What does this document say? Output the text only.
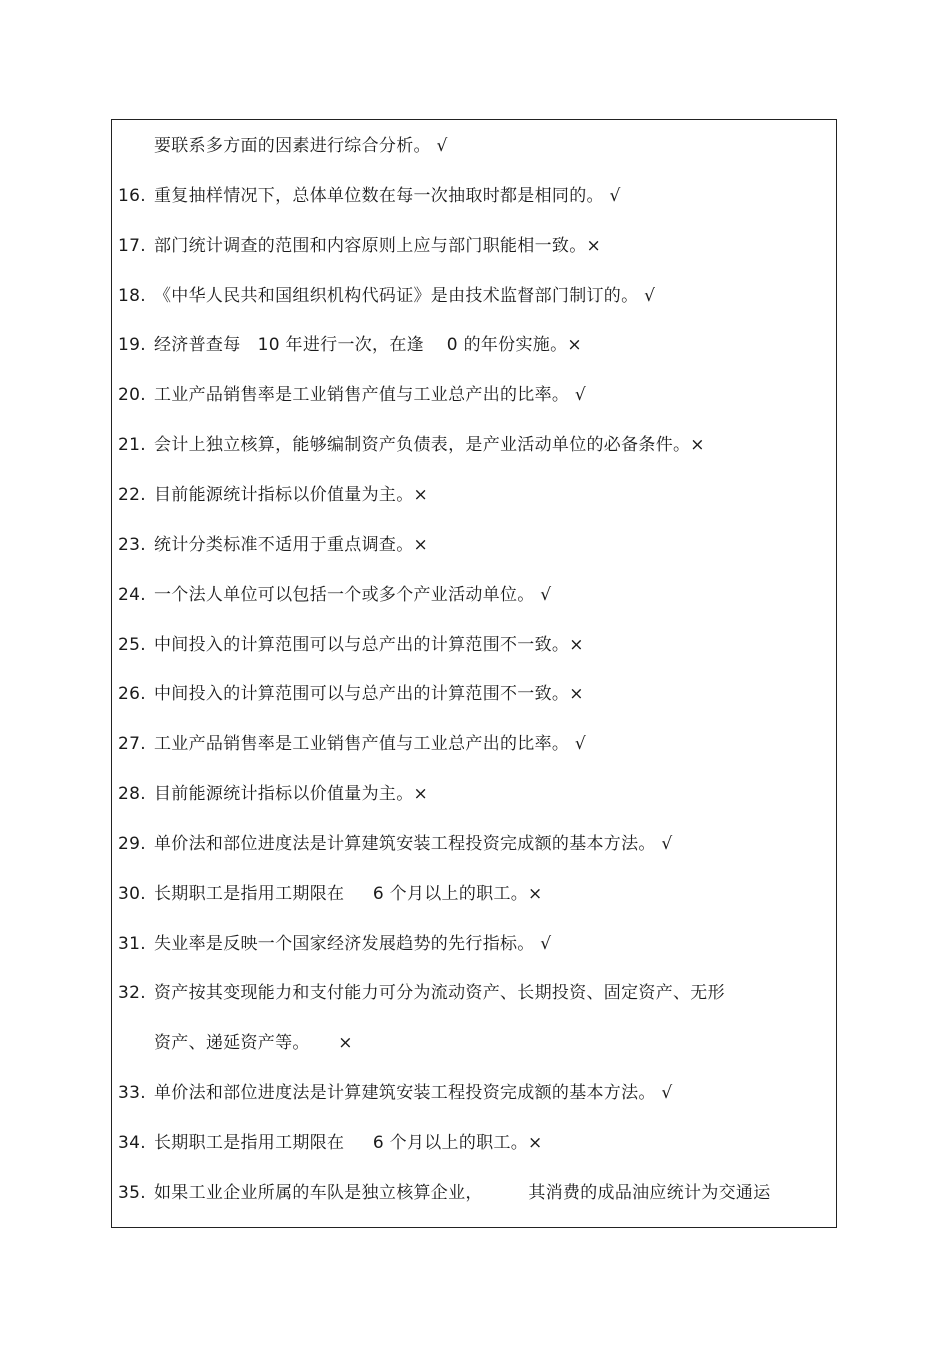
要联系多方面的因素进行综合分析。 √
16. 重复抽样情况下，总体单位数在每一次抽取时都是相同的。 √
17. 部门统计调查的范围和内容原则上应与部门职能相一致。×
18. 《中华人民共和国组织机构代码证》是由技术监督部门制订的。 √
19. 经济普查每   10 年进行一次，在逢    0 的年份实施。×
20. 工业产品销售率是工业销售产值与工业总产出的比率。 √
21. 会计上独立核算，能够编制资产负债表，是产业活动单位的必备条件。×
22. 目前能源统计指标以价值量为主。×
23. 统计分类标准不适用于重点调查。×
24. 一个法人单位可以包括一个或多个产业活动单位。 √
25. 中间投入的计算范围可以与总产出的计算范围不一致。×
26. 中间投入的计算范围可以与总产出的计算范围不一致。×
27. 工业产品销售率是工业销售产值与工业总产出的比率。 √
28. 目前能源统计指标以价值量为主。×
29. 单价法和部位进度法是计算建筑安装工程投资完成额的基本方法。 √
30. 长期职工是指用工期限在     6 个月以上的职工。×
31. 失业率是反映一个国家经济发展趋势的先行指标。 √
32. 资产按其变现能力和支付能力可分为流动资产、长期投资、固定资产、无形
资产、递延资产等。     ×
33. 单价法和部位进度法是计算建筑安装工程投资完成额的基本方法。 √
34. 长期职工是指用工期限在     6 个月以上的职工。×
35. 如果工业企业所属的车队是独立核算企业，        其消费的成品油应统计为交通运
